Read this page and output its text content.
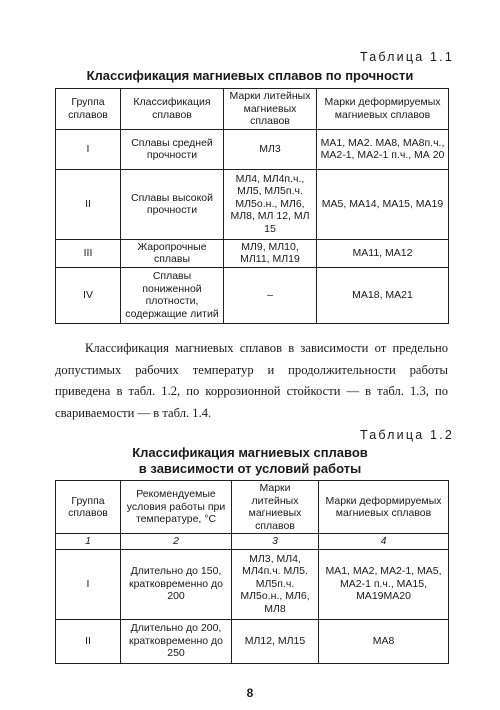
Таблица 1.1
Классификация магниевых сплавов по прочности
Группа сплавов	Классификация сплавов	Марки литейных магниевых сплавов	Марки деформируемых магниевых сплавов
I	Сплавы средней прочности	МЛ3	МА1, МА2. МА8, МА8п.ч., МА2-1, МА2-1 п.ч., МА 20
II	Сплавы высокой прочности	МЛ4, МЛ4п.ч., МЛ5, МЛ5п.ч. МЛ5о.н., МЛ6, МЛ8, МЛ 12, МЛ 15	МА5, МА14, МА15, МА19
III	Жаропрочные сплавы	МЛ9, МЛ10, МЛ11, МЛ19	МА11, МА12
IV	Сплавы пониженной плотности, содержащие литий	–	МА18, МА21

Классификация магниевых сплавов в зависимости от предельно допустимых рабочих температур и продолжительности работы приведена в табл. 1.2, по коррозионной стойкости — в табл. 1.3, по свариваемости — в табл. 1.4.

Таблица 1.2
Классификация магниевых сплавов
в зависимости от условий работы
Группа сплавов	Рекомендуемые условия работы при температуре, °С	Марки литейных магниевых сплавов	Марки деформируемых магниевых сплавов
1	2	3	4
I	Длительно до 150, кратковременно до 200	МЛ3, МЛ4, МЛ4п.ч. МЛ5. МЛ5п.ч. МЛ5о.н., МЛ6, МЛ8	МА1, МА2, МА2-1, МА5, МА2-1 п.ч., МА15, МА19МА20
II	Длительно до 200, кратковременно до 250	МЛ12, МЛ15	МА8
8
